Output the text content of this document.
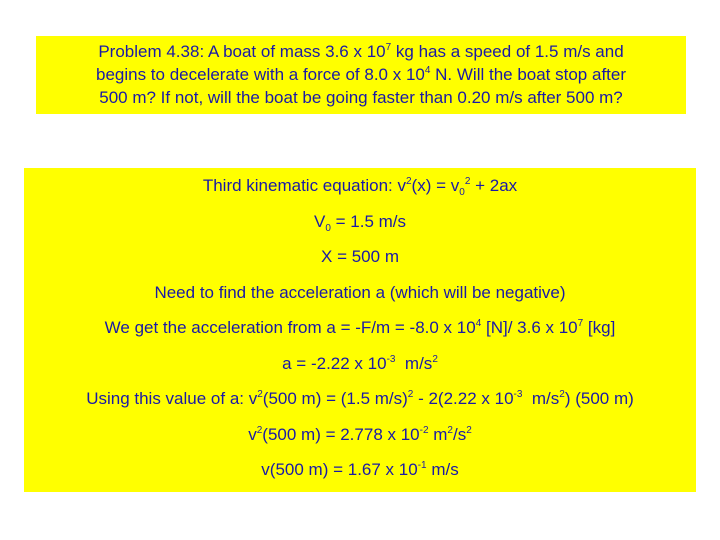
Problem 4.38: A boat of mass 3.6 x $10^7$ kg has a speed of 1.5 m/s and
begins to decelerate with a force of 8.0 x $10^4$ N. Will the boat stop after
500 m? If not, will the boat be going faster than 0.20 m/s after 500 m?
Third kinematic equation: $v^2(x) = v_0^2 + 2ax$
$V_0 = 1.5$ m/s
X = 500 m
Need to find the acceleration a (which will be negative)
We get the acceleration from a = -F/m = -8.0 x $10^4$ [N]/ 3.6 x $10^7$ [kg]
a = -2.22 x $10^{-3}$  $m/s^2$
Using this value of a: $v^2(500$ m) = (1.5 m/s)$^2$ - 2(2.22 x $10^{-3}$  $m/s^2$) (500 m)
$v^2(500$ m) = 2.778 x $10^{-2}$ $m^2/s^2$
v(500 m) = 1.67 x $10^{-1}$ m/s
